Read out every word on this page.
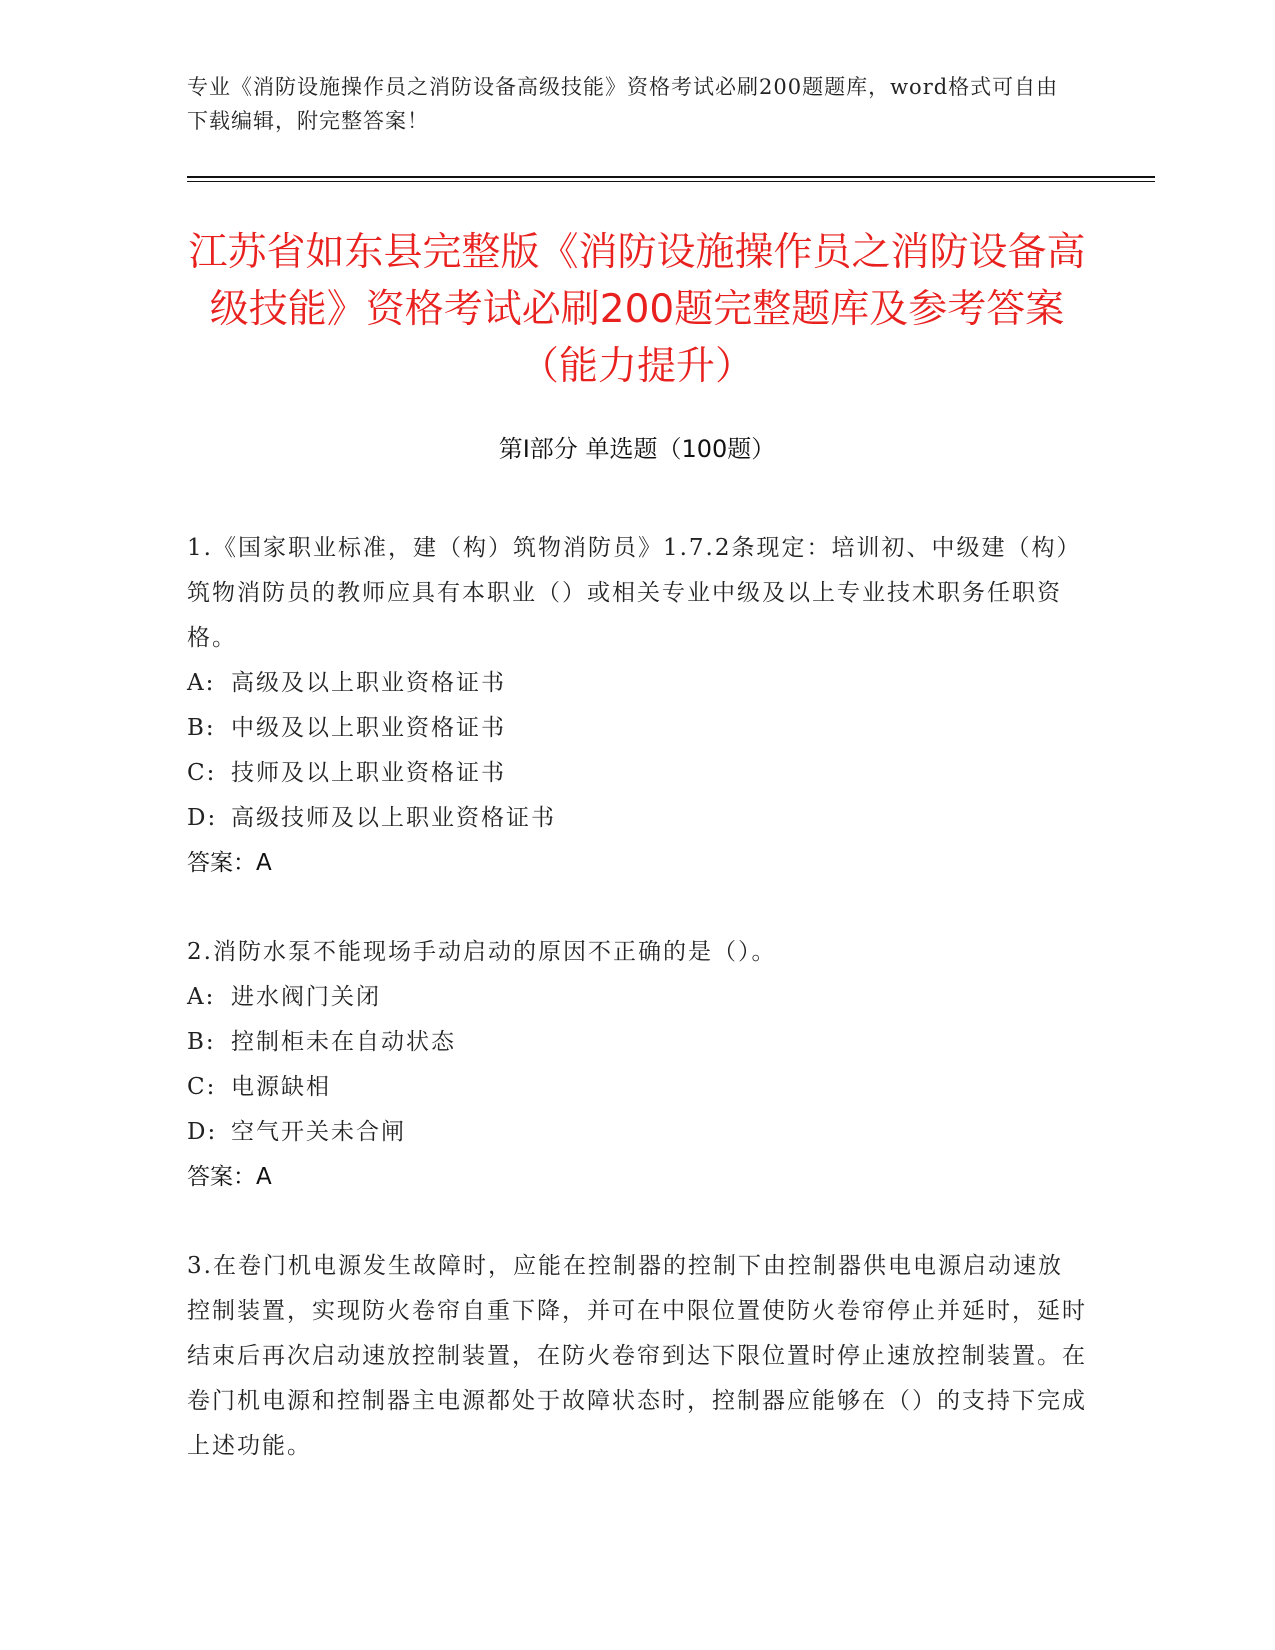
专业《消防设施操作员之消防设备高级技能》资格考试必刷200题题库，word格式可自由下载编辑，附完整答案！
江苏省如东县完整版《消防设施操作员之消防设备高级技能》资格考试必刷200题完整题库及参考答案（能力提升）
第I部分 单选题（100题）

1.《国家职业标准，建（构）筑物消防员》1.7.2条现定：培训初、中级建（构）筑物消防员的教师应具有本职业（）或相关专业中级及以上专业技术职务任职资格。

A: 高级及以上职业资格证书

B: 中级及以上职业资格证书

C: 技师及以上职业资格证书

D: 高级技师及以上职业资格证书

答案：A

2.消防水泵不能现场手动启动的原因不正确的是（）。

A: 进水阀门关闭

B: 控制柜未在自动状态

C: 电源缺相

D: 空气开关未合闸

答案：A

3.在卷门机电源发生故障时，应能在控制器的控制下由控制器供电电源启动速放控制装置，实现防火卷帘自重下降，并可在中限位置使防火卷帘停止并延时，延时结束后再次启动速放控制装置，在防火卷帘到达下限位置时停止速放控制装置。在卷门机电源和控制器主电源都处于故障状态时，控制器应能够在（）的支持下完成上述功能。
